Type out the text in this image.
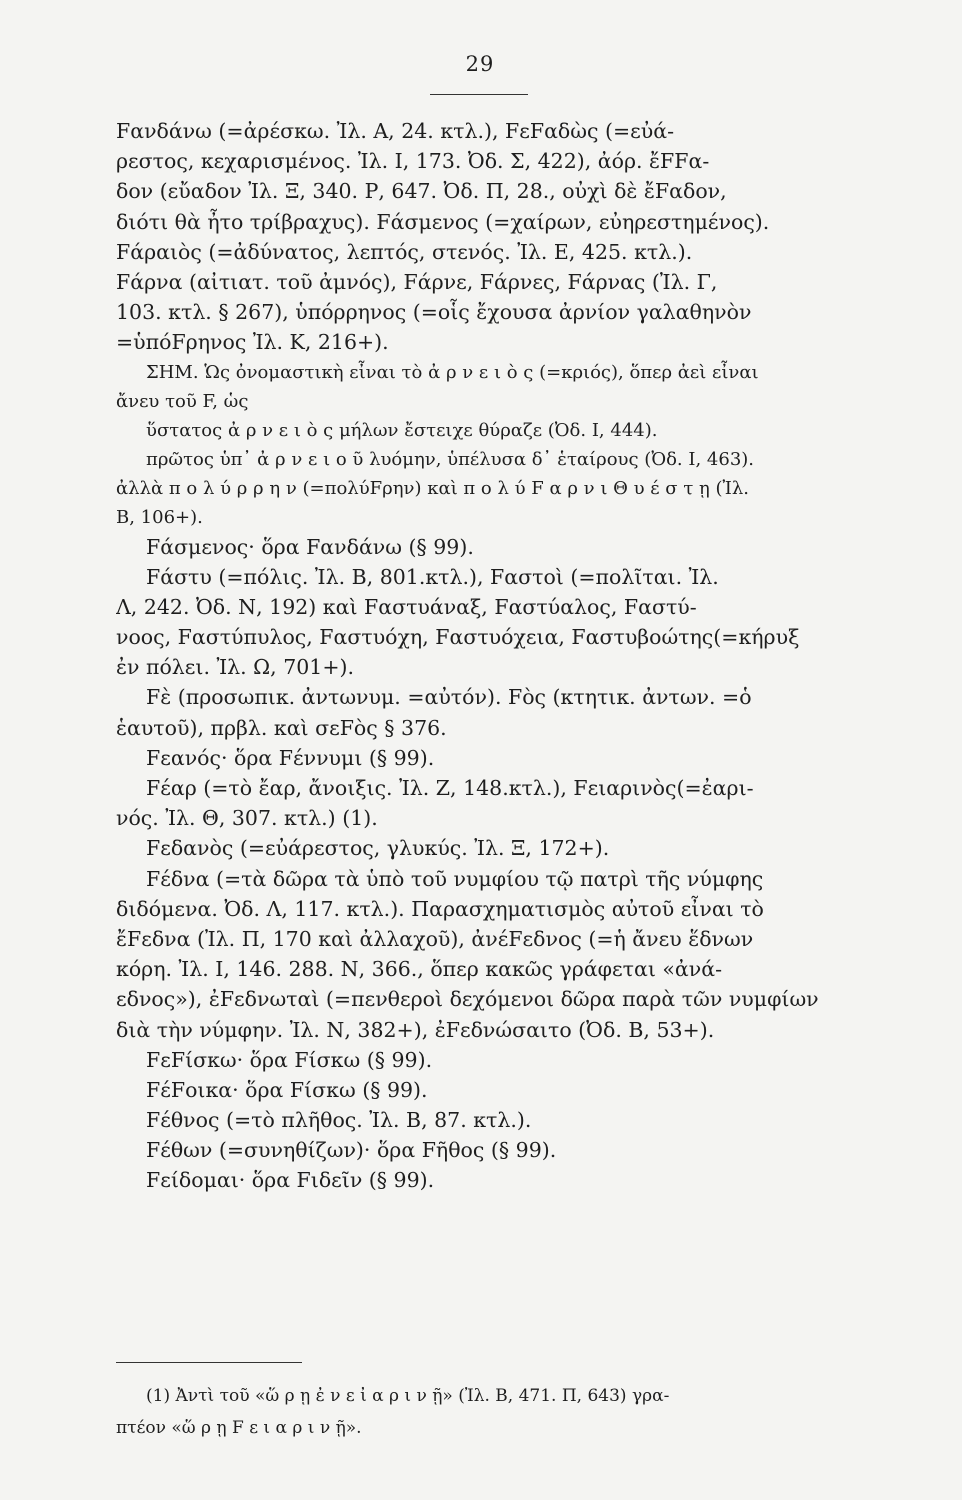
29
Fανδάνω (=ἀρέσκω. Ἰλ. Α, 24. κτλ.), FεFαδὼς (=εὐά-
ρεστος, κεχαρισμένος. Ἰλ. Ι, 173. Ὀδ. Σ, 422), ἀόρ. ἔFFα-
δον (εὔαδον Ἰλ. Ξ, 340. Ρ, 647. Ὀδ. Π, 28., οὐχὶ δὲ ἔFαδον,
διότι θὰ ἦτο τρίβραχυς). Fάσμενος (=χαίρων, εὐηρεστημένος).
Fάραιὸς (=ἀδύνατος, λεπτός, στενός. Ἰλ. Ε, 425. κτλ.).
Fάρνα (αἰτιατ. τοῦ ἀμνός), Fάρνε, Fάρνες, Fάρνας (Ἰλ. Γ,
103. κτλ. § 267), ὑπόρρηνος (=οἷς ἔχουσα ἀρνίον γαλαθηνὸν
=ὑπόFρηνος Ἰλ. Κ, 216+).
ΣΗΜ. Ὡς ὀνομαστικὴ εἶναι τὸ ἀ ρ ν ε ι ὸ ς (=κριός), ὅπερ ἀεὶ εἶναι
ἄνευ τοῦ F, ὡς
ὕστατος ἀ ρ ν ε ι ὸ ς μήλων ἔστειχε θύραζε (Ὀδ. Ι, 444).
πρῶτος ὑπ᾽ ἀ ρ ν ε ι ο ῦ λυόμην, ὑπέλυσα δ᾽ ἑταίρους (Ὀδ. Ι, 463).
ἀλλὰ π ο λ ύ ρ ρ η ν (=πολύFρην) καὶ π ο λ ύ F α ρ ν ι Θ υ έ σ τ ῃ (Ἰλ.
Β, 106+).
Fάσμενος· ὅρα Fανδάνω (§ 99).
Fάστυ (=πόλις. Ἰλ. Β, 801.κτλ.), Fαστοὶ (=πολῖται. Ἰλ.
Λ, 242. Ὀδ. Ν, 192) καὶ Fαστυάναξ, Fαστύαλος, Fαστύ-
νοος, Fαστύπυλος, Fαστυόχη, Fαστυόχεια, Fαστυβοώτης(=κήρυξ
ἐν πόλει. Ἰλ. Ω, 701+).
Fὲ (προσωπικ. ἀντωνυμ. =αὐτόν). Fὸς (κτητικ. ἀντων. =ὁ
ἑαυτοῦ), πρβλ. καὶ σεFὸς § 376.
Fεανός· ὅρα Fέννυμι (§ 99).
Fέαρ (=τὸ ἔαρ, ἄνοιξις. Ἰλ. Ζ, 148.κτλ.), Fειαρινὸς(=ἐαρι-
νός. Ἰλ. Θ, 307. κτλ.) (1).
Fεδανὸς (=εὐάρεστος, γλυκύς. Ἰλ. Ξ, 172+).
Fέδνα (=τὰ δῶρα τὰ ὑπὸ τοῦ νυμφίου τῷ πατρὶ τῆς νύμφης
διδόμενα. Ὀδ. Λ, 117. κτλ.). Παρασχηματισμὸς αὐτοῦ εἶναι τὸ
ἔFεδνα (Ἰλ. Π, 170 καὶ ἀλλαχοῦ), ἀνέFεδνος (=ἡ ἄνευ ἕδνων
κόρη. Ἰλ. Ι, 146. 288. Ν, 366., ὅπερ κακῶς γράφεται «ἀνά-
εδνος»), ἐFεδνωταὶ (=πενθεροὶ δεχόμενοι δῶρα παρὰ τῶν νυμφίων
διὰ τὴν νύμφην. Ἰλ. Ν, 382+), ἐFεδνώσαιτο (Ὀδ. Β, 53+).
FεFίσκω· ὅρα Fίσκω (§ 99).
FέFοικα· ὅρα Fίσκω (§ 99).
Fέθνος (=τὸ πλῆθος. Ἰλ. Β, 87. κτλ.).
Fέθων (=συνηθίζων)· ὅρα Fῆθος (§ 99).
Fείδομαι· ὅρα Fιδεῖν (§ 99).
(1) Ἀντὶ τοῦ «ὥ ρ ῃ ἐ ν ε ἰ α ρ ι ν ῇ» (Ἰλ. Β, 471. Π, 643) γρα-
πτέον «ὥ ρ ῃ F ε ι α ρ ι ν ῇ».
